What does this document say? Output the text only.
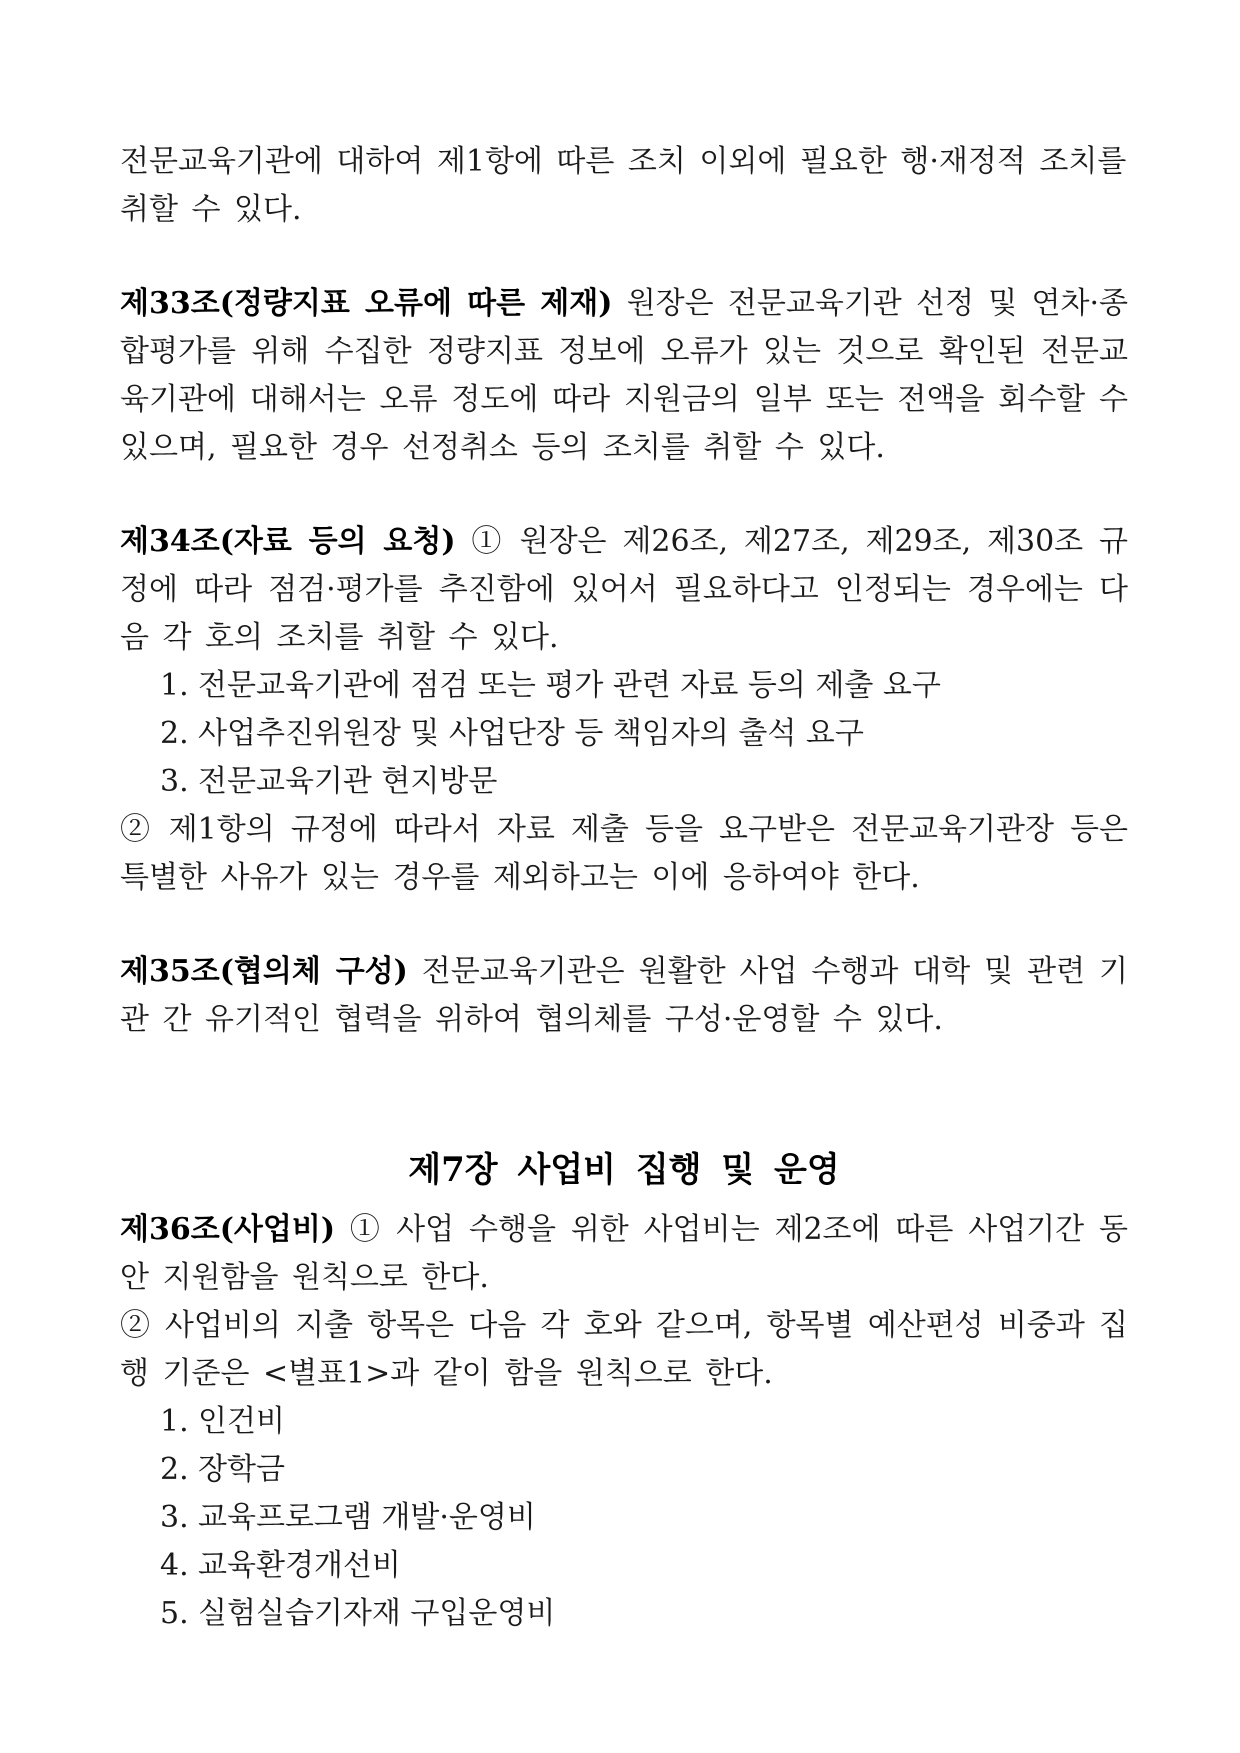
전문교육기관에 대하여 제1항에 따른 조치 이외에 필요한 행·재정적 조치를
취할 수 있다.

제33조(정량지표 오류에 따른 제재) 원장은 전문교육기관 선정 및 연차·종합평가를 위해 수집한 정량지표 정보에 오류가 있는 것으로 확인된 전문교육기관에 대해서는 오류 정도에 따라 지원금의 일부 또는 전액을 회수할 수 있으며, 필요한 경우 선정취소 등의 조치를 취할 수 있다.

제34조(자료 등의 요청) ① 원장은 제26조, 제27조, 제29조, 제30조 규정에 따라 점검·평가를 추진함에 있어서 필요하다고 인정되는 경우에는 다음 각 호의 조치를 취할 수 있다.

1. 전문교육기관에 점검 또는 평가 관련 자료 등의 제출 요구
2. 사업추진위원장 및 사업단장 등 책임자의 출석 요구
3. 전문교육기관 현지방문

② 제1항의 규정에 따라서 자료 제출 등을 요구받은 전문교육기관장 등은 특별한 사유가 있는 경우를 제외하고는 이에 응하여야 한다.

제35조(협의체 구성) 전문교육기관은 원활한 사업 수행과 대학 및 관련 기관 간 유기적인 협력을 위하여 협의체를 구성·운영할 수 있다.

제7장 사업비 집행 및 운영

제36조(사업비) ① 사업 수행을 위한 사업비는 제2조에 따른 사업기간 동안 지원함을 원칙으로 한다.

② 사업비의 지출 항목은 다음 각 호와 같으며, 항목별 예산편성 비중과 집행 기준은 <별표1>과 같이 함을 원칙으로 한다.

1. 인건비
2. 장학금
3. 교육프로그램 개발·운영비
4. 교육환경개선비
5. 실험실습기자재 구입운영비
